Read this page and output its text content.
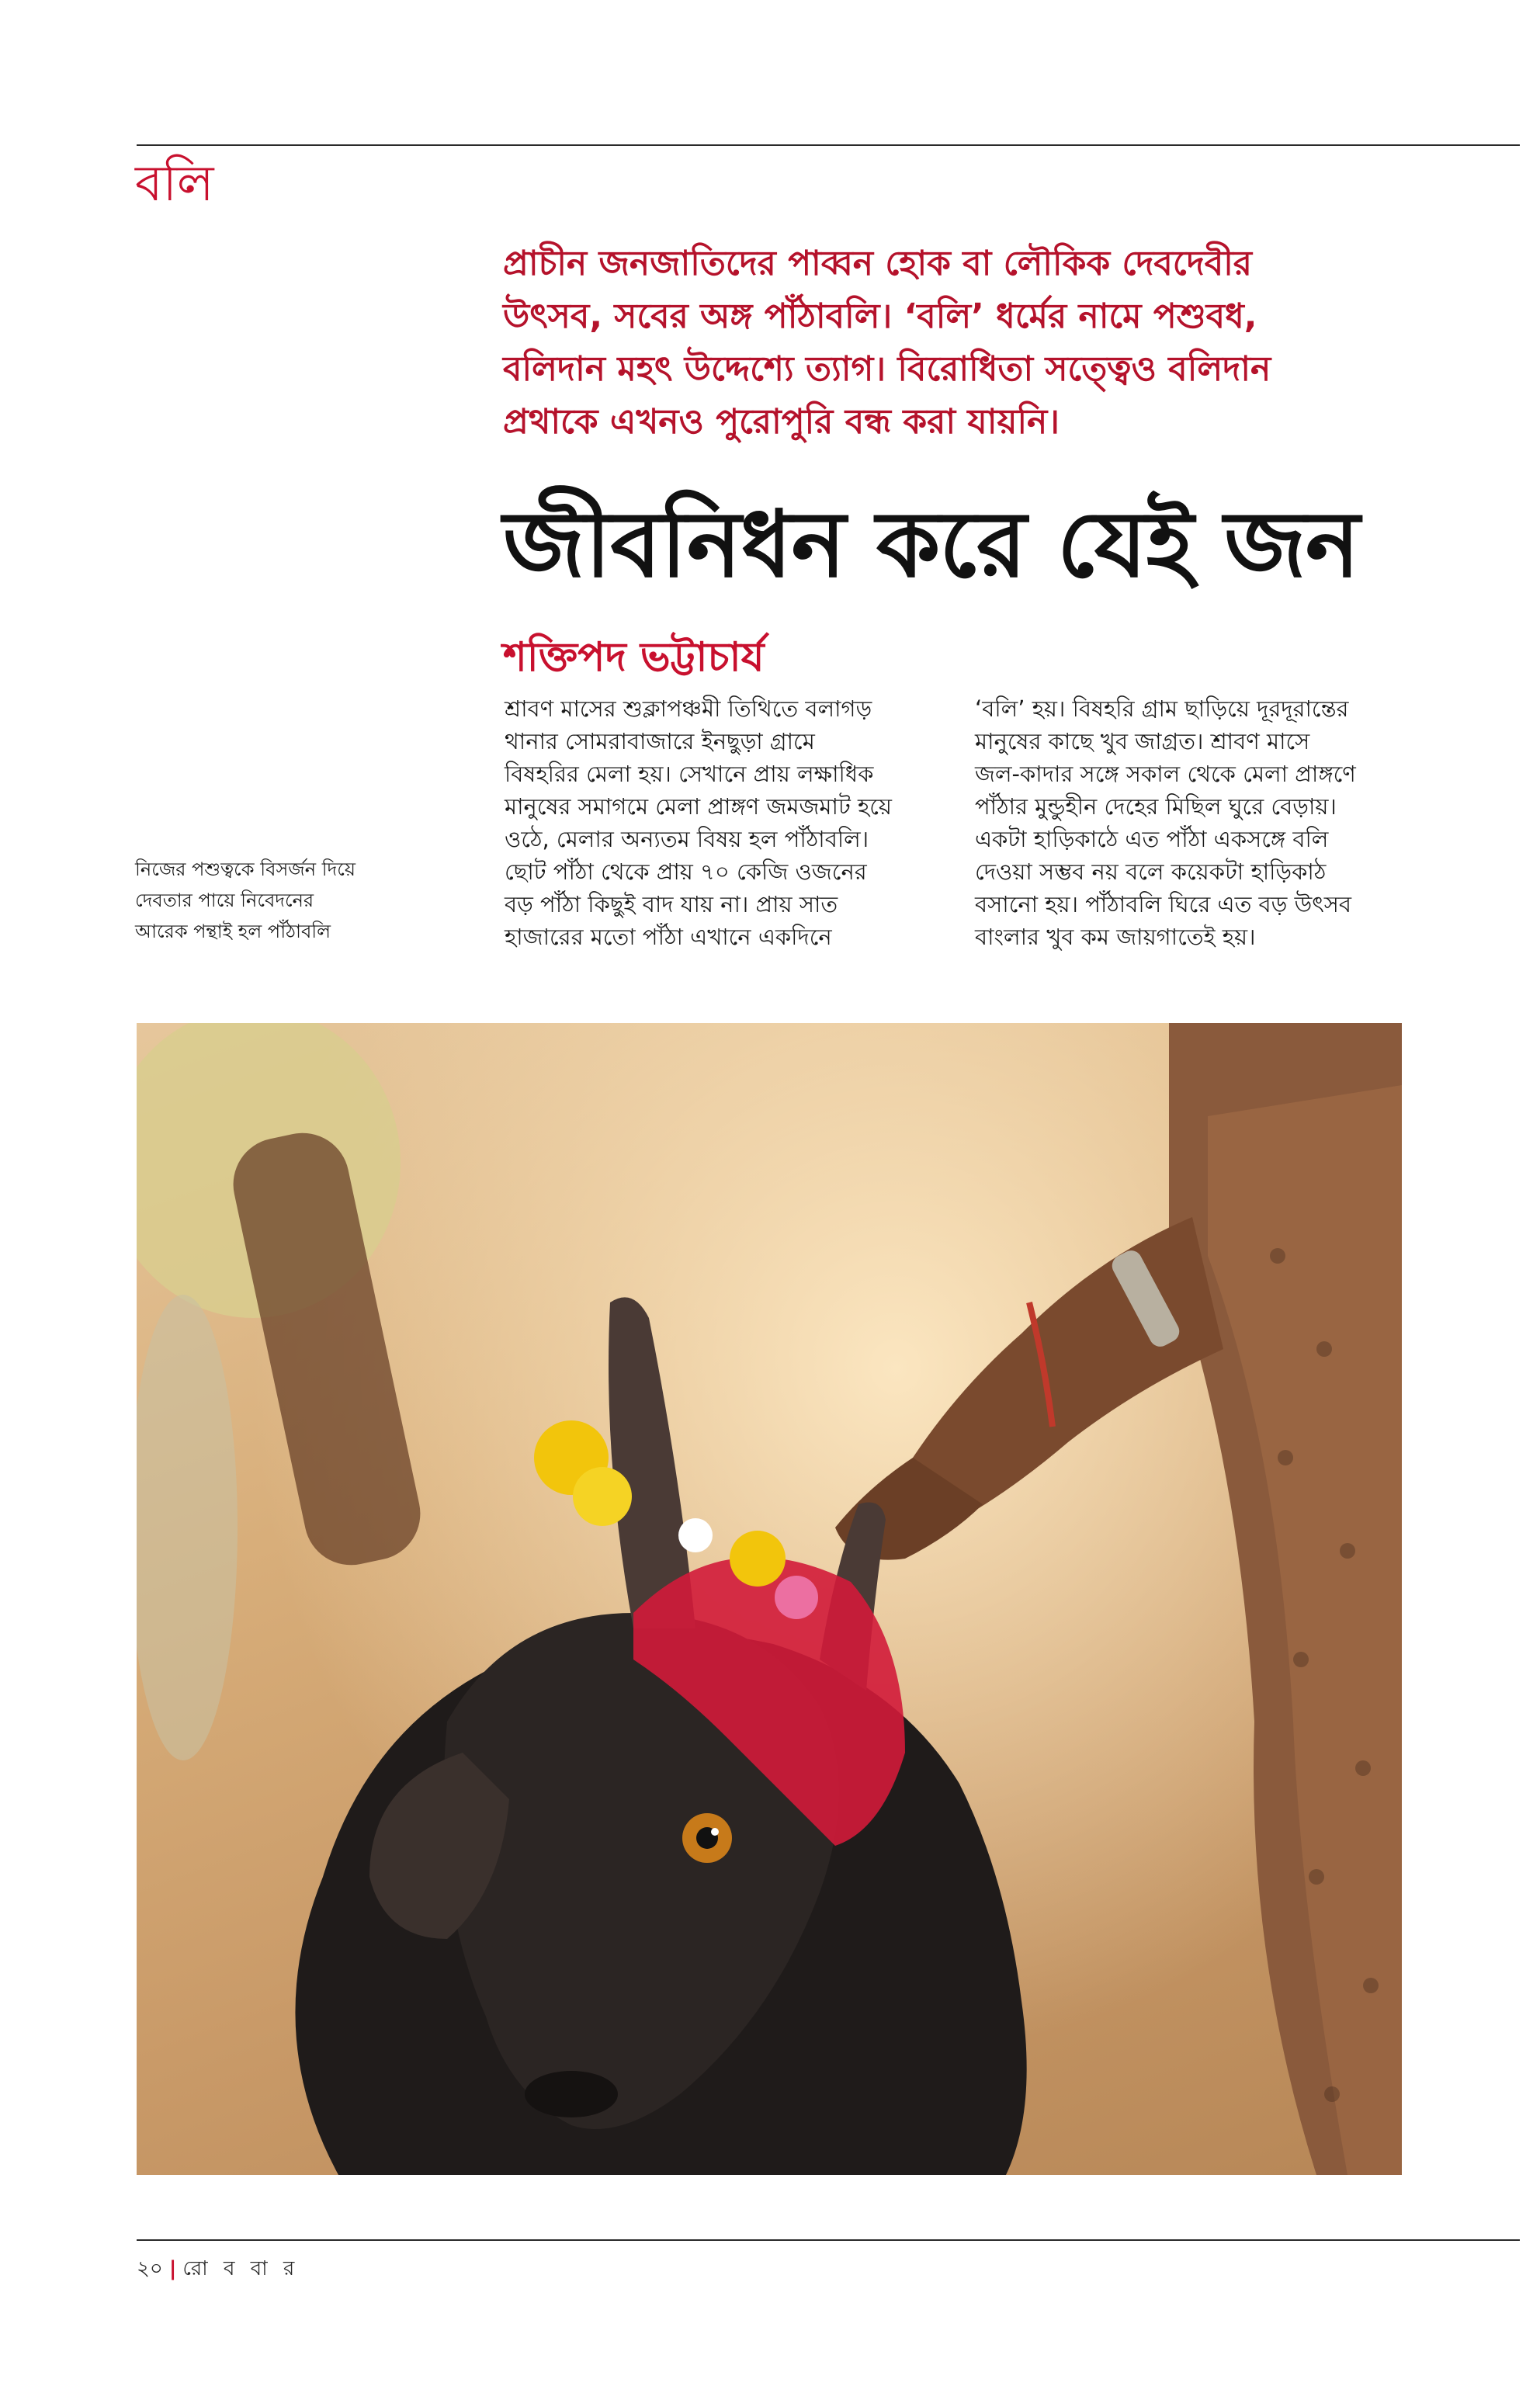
বলি
প্রাচীন জনজাতিদের পাব্বন হোক বা লৌকিক দেবদেবীর
উৎসব, সবের অঙ্গ পাঁঠাবলি। ‘বলি’ ধর্মের নামে পশুবধ,
বলিদান মহৎ উদ্দেশ্যে ত্যাগ। বিরোধিতা সত্ত্বেও বলিদান
প্রথাকে এখনও পুরোপুরি বন্ধ করা যায়নি।
জীবনিধন করে যেই জন
শক্তিপদ ভট্টাচার্য
শ্রাবণ মাসের শুক্লাপঞ্চমী তিথিতে বলাগড়
থানার সোমরাবাজারে ইনছুড়া গ্রামে
বিষহরির মেলা হয়। সেখানে প্রায় লক্ষাধিক
মানুষের সমাগমে মেলা প্রাঙ্গণ জমজমাট হয়ে
ওঠে, মেলার অন্যতম বিষয় হল পাঁঠাবলি।
ছোট পাঁঠা থেকে প্রায় ৭০ কেজি ওজনের
বড় পাঁঠা কিছুই বাদ যায় না। প্রায় সাত
হাজারের মতো পাঁঠা এখানে একদিনে
‘বলি’ হয়। বিষহরি গ্রাম ছাড়িয়ে দূরদূরান্তের
মানুষের কাছে খুব জাগ্রত। শ্রাবণ মাসে
জল-কাদার সঙ্গে সকাল থেকে মেলা প্রাঙ্গণে
পাঁঠার মুন্ডুহীন দেহের মিছিল ঘুরে বেড়ায়।
একটা হাড়িকাঠে এত পাঁঠা একসঙ্গে বলি
দেওয়া সম্ভব নয় বলে কয়েকটা হাড়িকাঠ
বসানো হয়। পাঁঠাবলি ঘিরে এত বড় উৎসব
বাংলার খুব কম জায়গাতেই হয়।
নিজের পশুত্বকে বিসর্জন দিয়ে
দেবতার পায়ে নিবেদনের
আরেক পন্থাই হল পাঁঠাবলি
২০ | রো ব বা র
